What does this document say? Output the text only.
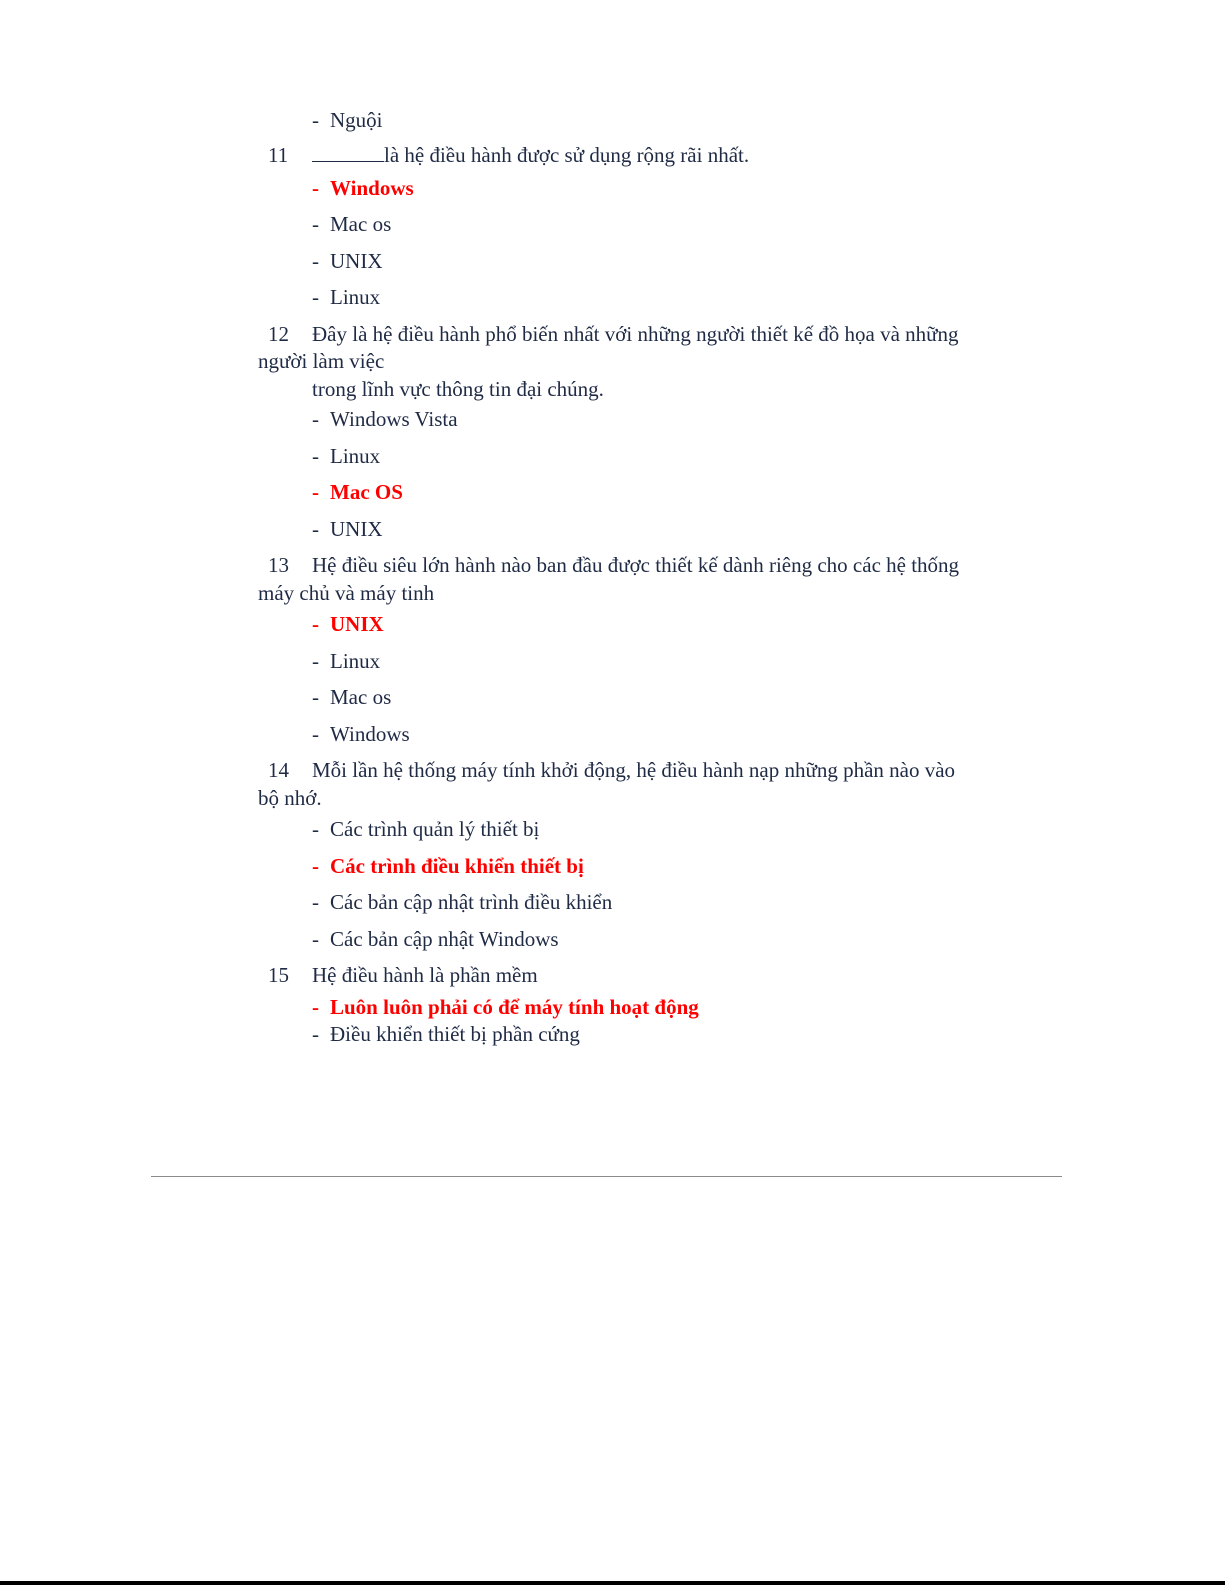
- Nguội
11	là hệ điều hành được sử dụng rộng rãi nhất.
- Windows
- Mac os
- UNIX
- Linux
12 Đây là hệ điều hành phổ biến nhất với những người thiết kế đồ họa và những
người làm việc
trong lĩnh vực thông tin đại chúng.
- Windows Vista
- Linux
- Mac OS
- UNIX
13 Hệ điều siêu lớn hành nào ban đầu được thiết kế dành riêng cho các hệ thống
máy chủ và máy tinh
- UNIX
- Linux
- Mac os
- Windows
14 Mỗi lần hệ thống máy tính khởi động, hệ điều hành nạp những phần nào vào
bộ nhớ.
- Các trình quản lý thiết bị
- Các trình điều khiển thiết bị
- Các bản cập nhật trình điều khiển
- Các bản cập nhật Windows
15 Hệ điều hành là phần mềm
- Luôn luôn phải có để máy tính hoạt động
- Điều khiển thiết bị phần cứng
